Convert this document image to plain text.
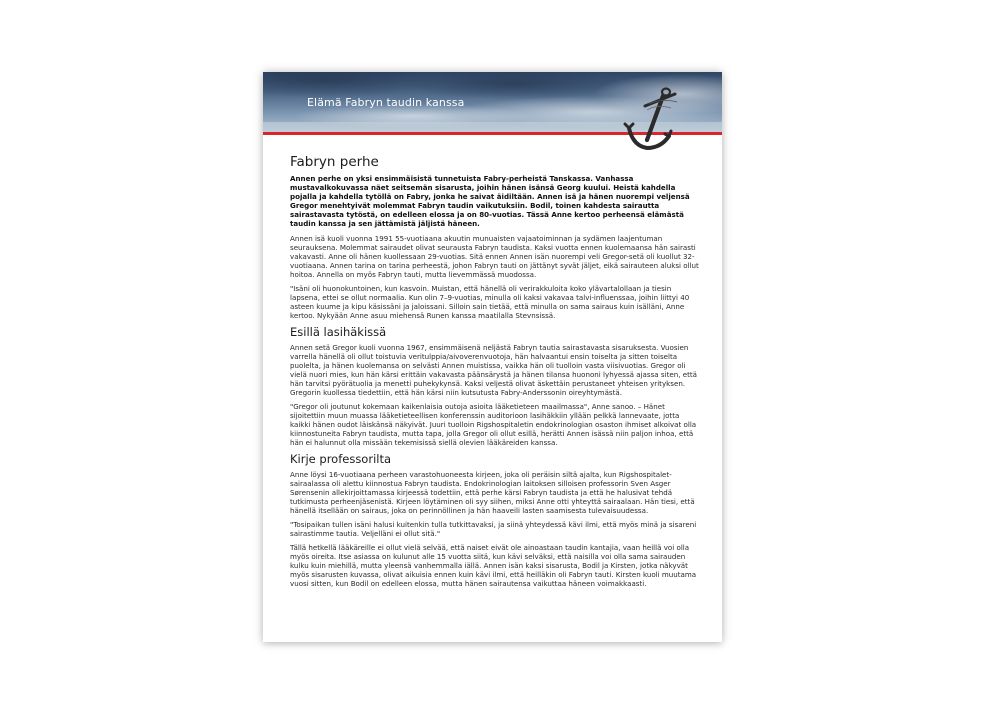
Elämä Fabryn taudin kanssa
Fabryn perhe

Annen perhe on yksi ensimmäisistä tunnetuista Fabry-perheistä Tanskassa. Vanhassa mustavalkokuvassa näet seitsemän sisarusta, joihin hänen isänsä Georg kuului. Heistä kahdella pojalla ja kahdella tytöllä on Fabry, jonka he saivat äidiltään. Annen isä ja hänen nuorempi veljensä Gregor menehtyivät molemmat Fabryn taudin vaikutuksiin. Bodil, toinen kahdesta sairautta sairastavasta tytöstä, on edelleen elossa ja on 80-vuotias. Tässä Anne kertoo perheensä elämästä taudin kanssa ja sen jättämistä jäljistä häneen.

Annen isä kuoli vuonna 1991 55-vuotiaana akuutin munuaisten vajaatoiminnan ja sydämen laajentuman seurauksena. Molemmat sairaudet olivat seurausta Fabryn taudista. Kaksi vuotta ennen kuolemaansa hän sairasti vakavasti. Anne oli hänen kuollessaan 29-vuotias. Sitä ennen Annen isän nuorempi veli Gregor-setä oli kuollut 32-vuotiaana. Annen tarina on tarina perheestä, johon Fabryn tauti on jättänyt syvät jäljet, eikä sairauteen aluksi ollut hoitoa. Annella on myös Fabryn tauti, mutta lievemmässä muodossa.

"Isäni oli huonokuntoinen, kun kasvoin. Muistan, että hänellä oli verirakkuloita koko ylävartalollaan ja tiesin lapsena, ettei se ollut normaalia. Kun olin 7–9-vuotias, minulla oli kaksi vakavaa talvi-influenssaa, joihin liittyi 40 asteen kuume ja kipu käsissäni ja jaloissani. Silloin sain tietää, että minulla on sama sairaus kuin isälläni, Anne kertoo. Nykyään Anne asuu miehensä Runen kanssa maatilalla Stevnsissä.

Esillä lasihäkissä

Annen setä Gregor kuoli vuonna 1967, ensimmäisenä neljästä Fabryn tautia sairastavasta sisaruksesta. Vuosien varrella hänellä oli ollut toistuvia veritulppia/aivoverenvuotoja, hän halvaantui ensin toiselta ja sitten toiselta puolelta, ja hänen kuolemansa on selvästi Annen muistissa, vaikka hän oli tuolloin vasta viisivuotias. Gregor oli vielä nuori mies, kun hän kärsi erittäin vakavasta päänsärystä ja hänen tilansa huononi lyhyessä ajassa siten, että hän tarvitsi pyörätuolia ja menetti puhekykynsä. Kaksi veljestä olivat äskettäin perustaneet yhteisen yrityksen. Gregorin kuollessa tiedettiin, että hän kärsi niin kutsutusta Fabry-Anderssonin oireyhtymästä.

"Gregor oli joutunut kokemaan kaikenlaisia outoja asioita lääketieteen maailmassa", Anne sanoo. – Hänet sijoitettiin muun muassa lääketieteellisen konferenssin auditorioon lasihäkkiin yllään pelkkä lannevaate, jotta kaikki hänen oudot läiskänsä näkyivät. Juuri tuolloin Rigshospitaletin endokrinologian osaston ihmiset alkoivat olla kiinnostuneita Fabryn taudista, mutta tapa, jolla Gregor oli ollut esillä, herätti Annen isässä niin paljon inhoa, että hän ei halunnut olla missään tekemisissä siellä olevien lääkäreiden kanssa.

Kirje professorilta

Anne löysi 16-vuotiaana perheen varastohuoneesta kirjeen, joka oli peräisin siltä ajalta, kun Rigshospitalet-sairaalassa oli alettu kiinnostua Fabryn taudista. Endokrinologian laitoksen silloisen professorin Sven Asger Sørensenin allekirjoittamassa kirjeessä todettiin, että perhe kärsi Fabryn taudista ja että he halusivat tehdä tutkimusta perheenjäsenistä. Kirjeen löytäminen oli syy siihen, miksi Anne otti yhteyttä sairaalaan. Hän tiesi, että hänellä itsellään on sairaus, joka on perinnöllinen ja hän haaveili lasten saamisesta tulevaisuudessa.

"Tosipaikan tullen isäni halusi kuitenkin tulla tutkittavaksi, ja siinä yhteydessä kävi ilmi, että myös minä ja sisareni sairastimme tautia. Veljelläni ei ollut sitä."

Tällä hetkellä lääkäreille ei ollut vielä selvää, että naiset eivät ole ainoastaan taudin kantajia, vaan heillä voi olla myös oireita. Itse asiassa on kulunut alle 15 vuotta siitä, kun kävi selväksi, että naisilla voi olla sama sairauden kulku kuin miehillä, mutta yleensä vanhemmalla iällä. Annen isän kaksi sisarusta, Bodil ja Kirsten, jotka näkyvät myös sisarusten kuvassa, olivat aikuisia ennen kuin kävi ilmi, että heilläkin oli Fabryn tauti. Kirsten kuoli muutama vuosi sitten, kun Bodil on edelleen elossa, mutta hänen sairautensa vaikuttaa häneen voimakkaasti.
